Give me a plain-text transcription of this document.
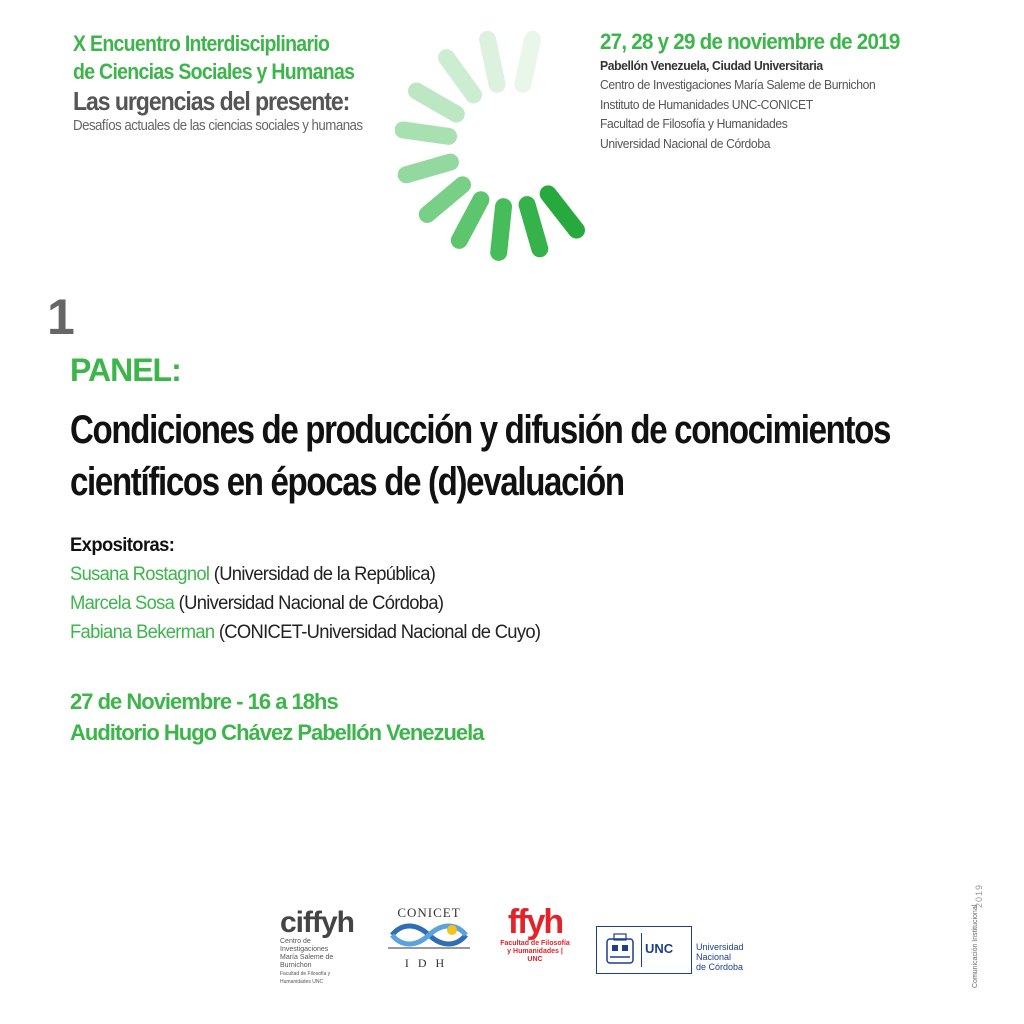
X Encuentro Interdisciplinario
de Ciencias Sociales y Humanas
Las urgencias del presente:
Desafíos actuales de las ciencias sociales y humanas
27, 28 y 29 de noviembre de 2019
Pabellón Venezuela, Ciudad Universitaria
Centro de Investigaciones María Saleme de Burnichon
Instituto de Humanidades UNC-CONICET
Facultad de Filosofía y Humanidades
Universidad Nacional de Córdoba
1
PANEL:
Condiciones de producción y difusión de conocimientos
científicos en épocas de (d)evaluación
Expositoras:
Susana Rostagnol (Universidad de la República)
Marcela Sosa (Universidad Nacional de Córdoba)
Fabiana Bekerman (CONICET-Universidad Nacional de Cuyo)
27 de Noviembre - 16 a 18hs
Auditorio Hugo Chávez Pabellón Venezuela
ciffyh
Centro de Investigaciones
María Saleme de Burnichon
Facultad de Filosofía y Humanidades UNC
CONICET
IDH
ffyh
Facultad de Filosofía
y Humanidades | UNC
UNC	Universidad
Nacional
de Córdoba
2019
Comunicación Institucional
